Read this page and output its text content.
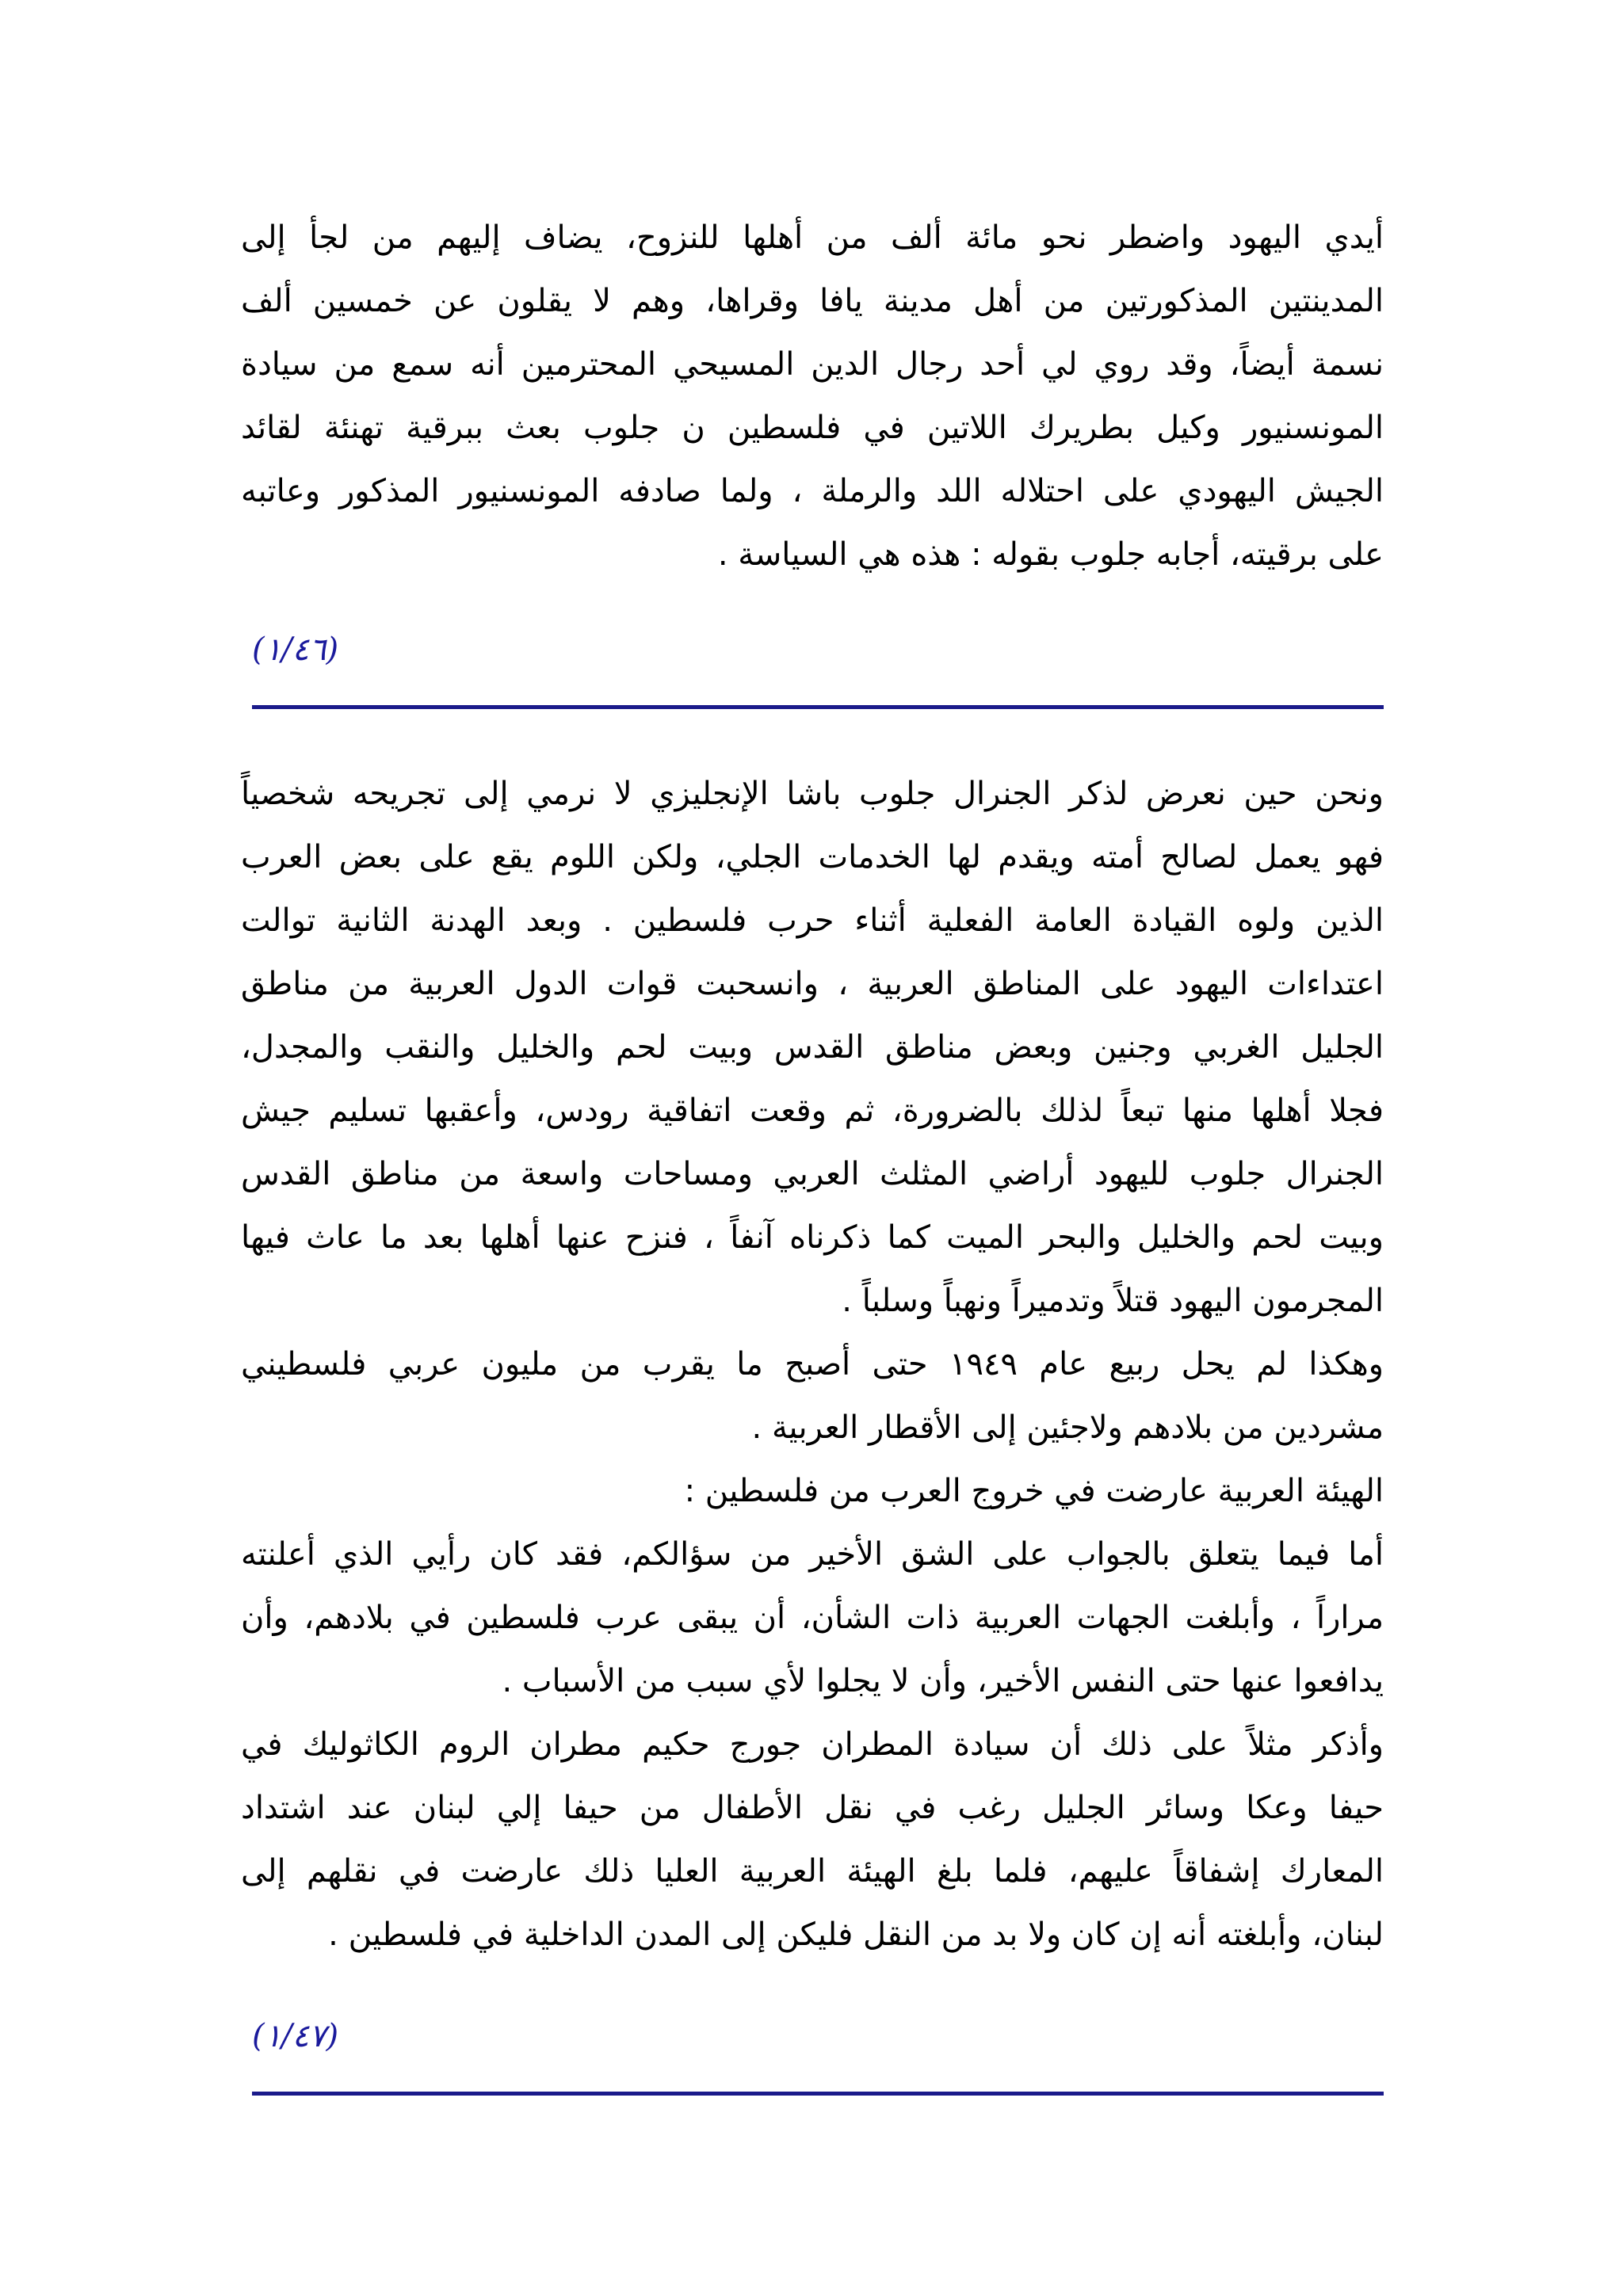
أيدي اليهود واضطر نحو مائة ألف من أهلها للنزوح، يضاف إليهم من لجأ إلى
المدينتين المذكورتين من أهل مدينة يافا وقراها، وهم لا يقلون عن خمسين ألف
نسمة أيضاً، وقد روي لي أحد رجال الدين المسيحي المحترمين أنه سمع من سيادة
المونسنيور وكيل بطريرك اللاتين في فلسطين ن جلوب بعث ببرقية تهنئة لقائد
الجيش اليهودي على احتلاله اللد والرملة ، ولما صادفه المونسنيور المذكور وعاتبه
على برقيته، أجابه جلوب بقوله : هذه هي السياسة .
(١/٤٦)
ونحن حين نعرض لذكر الجنرال جلوب باشا الإنجليزي لا نرمي إلى تجريحه شخصياً
فهو يعمل لصالح أمته ويقدم لها الخدمات الجلي، ولكن اللوم يقع على بعض العرب
الذين ولوه القيادة العامة الفعلية أثناء حرب فلسطين . وبعد الهدنة الثانية توالت
اعتداءات اليهود على المناطق العربية ، وانسحبت قوات الدول العربية من مناطق
الجليل الغربي وجنين وبعض مناطق القدس وبيت لحم والخليل والنقب والمجدل،
فجلا أهلها منها تبعاً لذلك بالضرورة، ثم وقعت اتفاقية رودس، وأعقبها تسليم جيش
الجنرال جلوب لليهود أراضي المثلث العربي ومساحات واسعة من مناطق القدس
وبيت لحم والخليل والبحر الميت كما ذكرناه آنفاً ، فنزح عنها أهلها بعد ما عاث فيها
المجرمون اليهود قتلاً وتدميراً ونهباً وسلباً .
وهكذا لم يحل ربيع عام ١٩٤٩ حتى أصبح ما يقرب من مليون عربي فلسطيني
مشردين من بلادهم ولاجئين إلى الأقطار العربية .
الهيئة العربية عارضت في خروج العرب من فلسطين :
أما فيما يتعلق بالجواب على الشق الأخير من سؤالكم، فقد كان رأيي الذي أعلنته
مراراً ، وأبلغت الجهات العربية ذات الشأن، أن يبقى عرب فلسطين في بلادهم، وأن
يدافعوا عنها حتى النفس الأخير، وأن لا يجلوا لأي سبب من الأسباب .
وأذكر مثلاً على ذلك أن سيادة المطران جورج حكيم مطران الروم الكاثوليك في
حيفا وعكا وسائر الجليل رغب في نقل الأطفال من حيفا إلي لبنان عند اشتداد
المعارك إشفاقاً عليهم، فلما بلغ الهيئة العربية العليا ذلك عارضت في نقلهم إلى
لبنان، وأبلغته أنه إن كان ولا بد من النقل فليكن إلى المدن الداخلية في فلسطين .
(١/٤٧)
